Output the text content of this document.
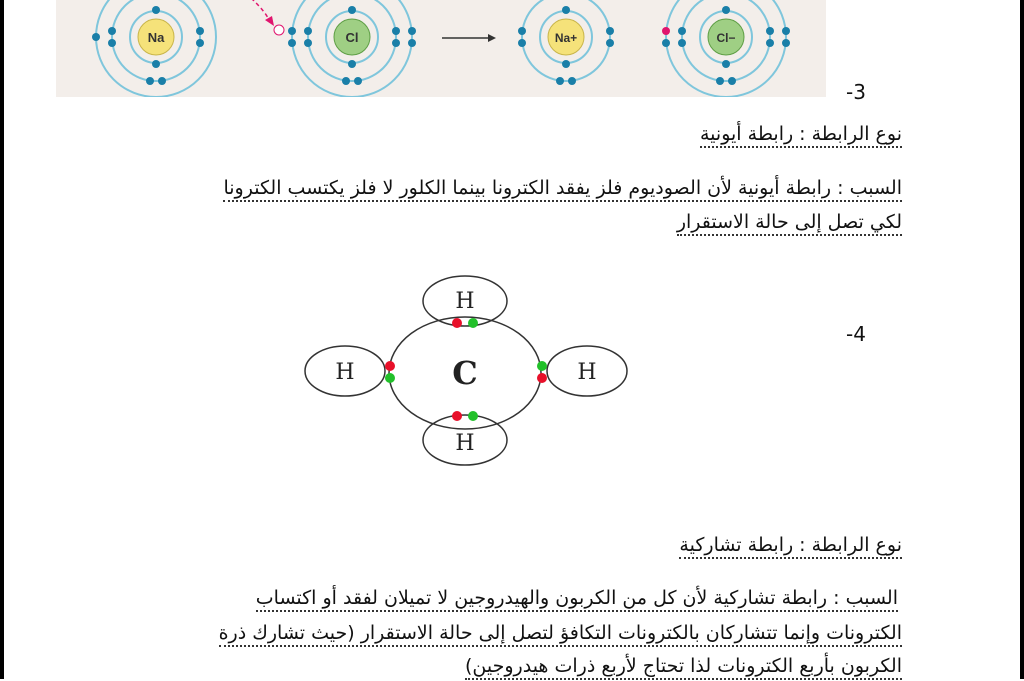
Na	Cl	Na+	Cl−
-3
نوع الرابطة : رابطة أيونية
السبب : رابطة أيونية لأن الصوديوم فلز يفقد الكترونا بينما الكلور لا فلز يكتسب الكترونا
لكي تصل إلى حالة الاستقرار
C
H
H	H
H
-4
نوع الرابطة : رابطة تشاركية
السبب : رابطة تشاركية لأن كل من الكربون والهيدروجين لا تميلان لفقد أو اكتساب
الكترونات وإنما تتشاركان بالكترونات التكافؤ لتصل إلى حالة الاستقرار (حيث تشارك ذرة
الكربون بأربع الكترونات لذا تحتاج لأربع ذرات هيدروجين)
